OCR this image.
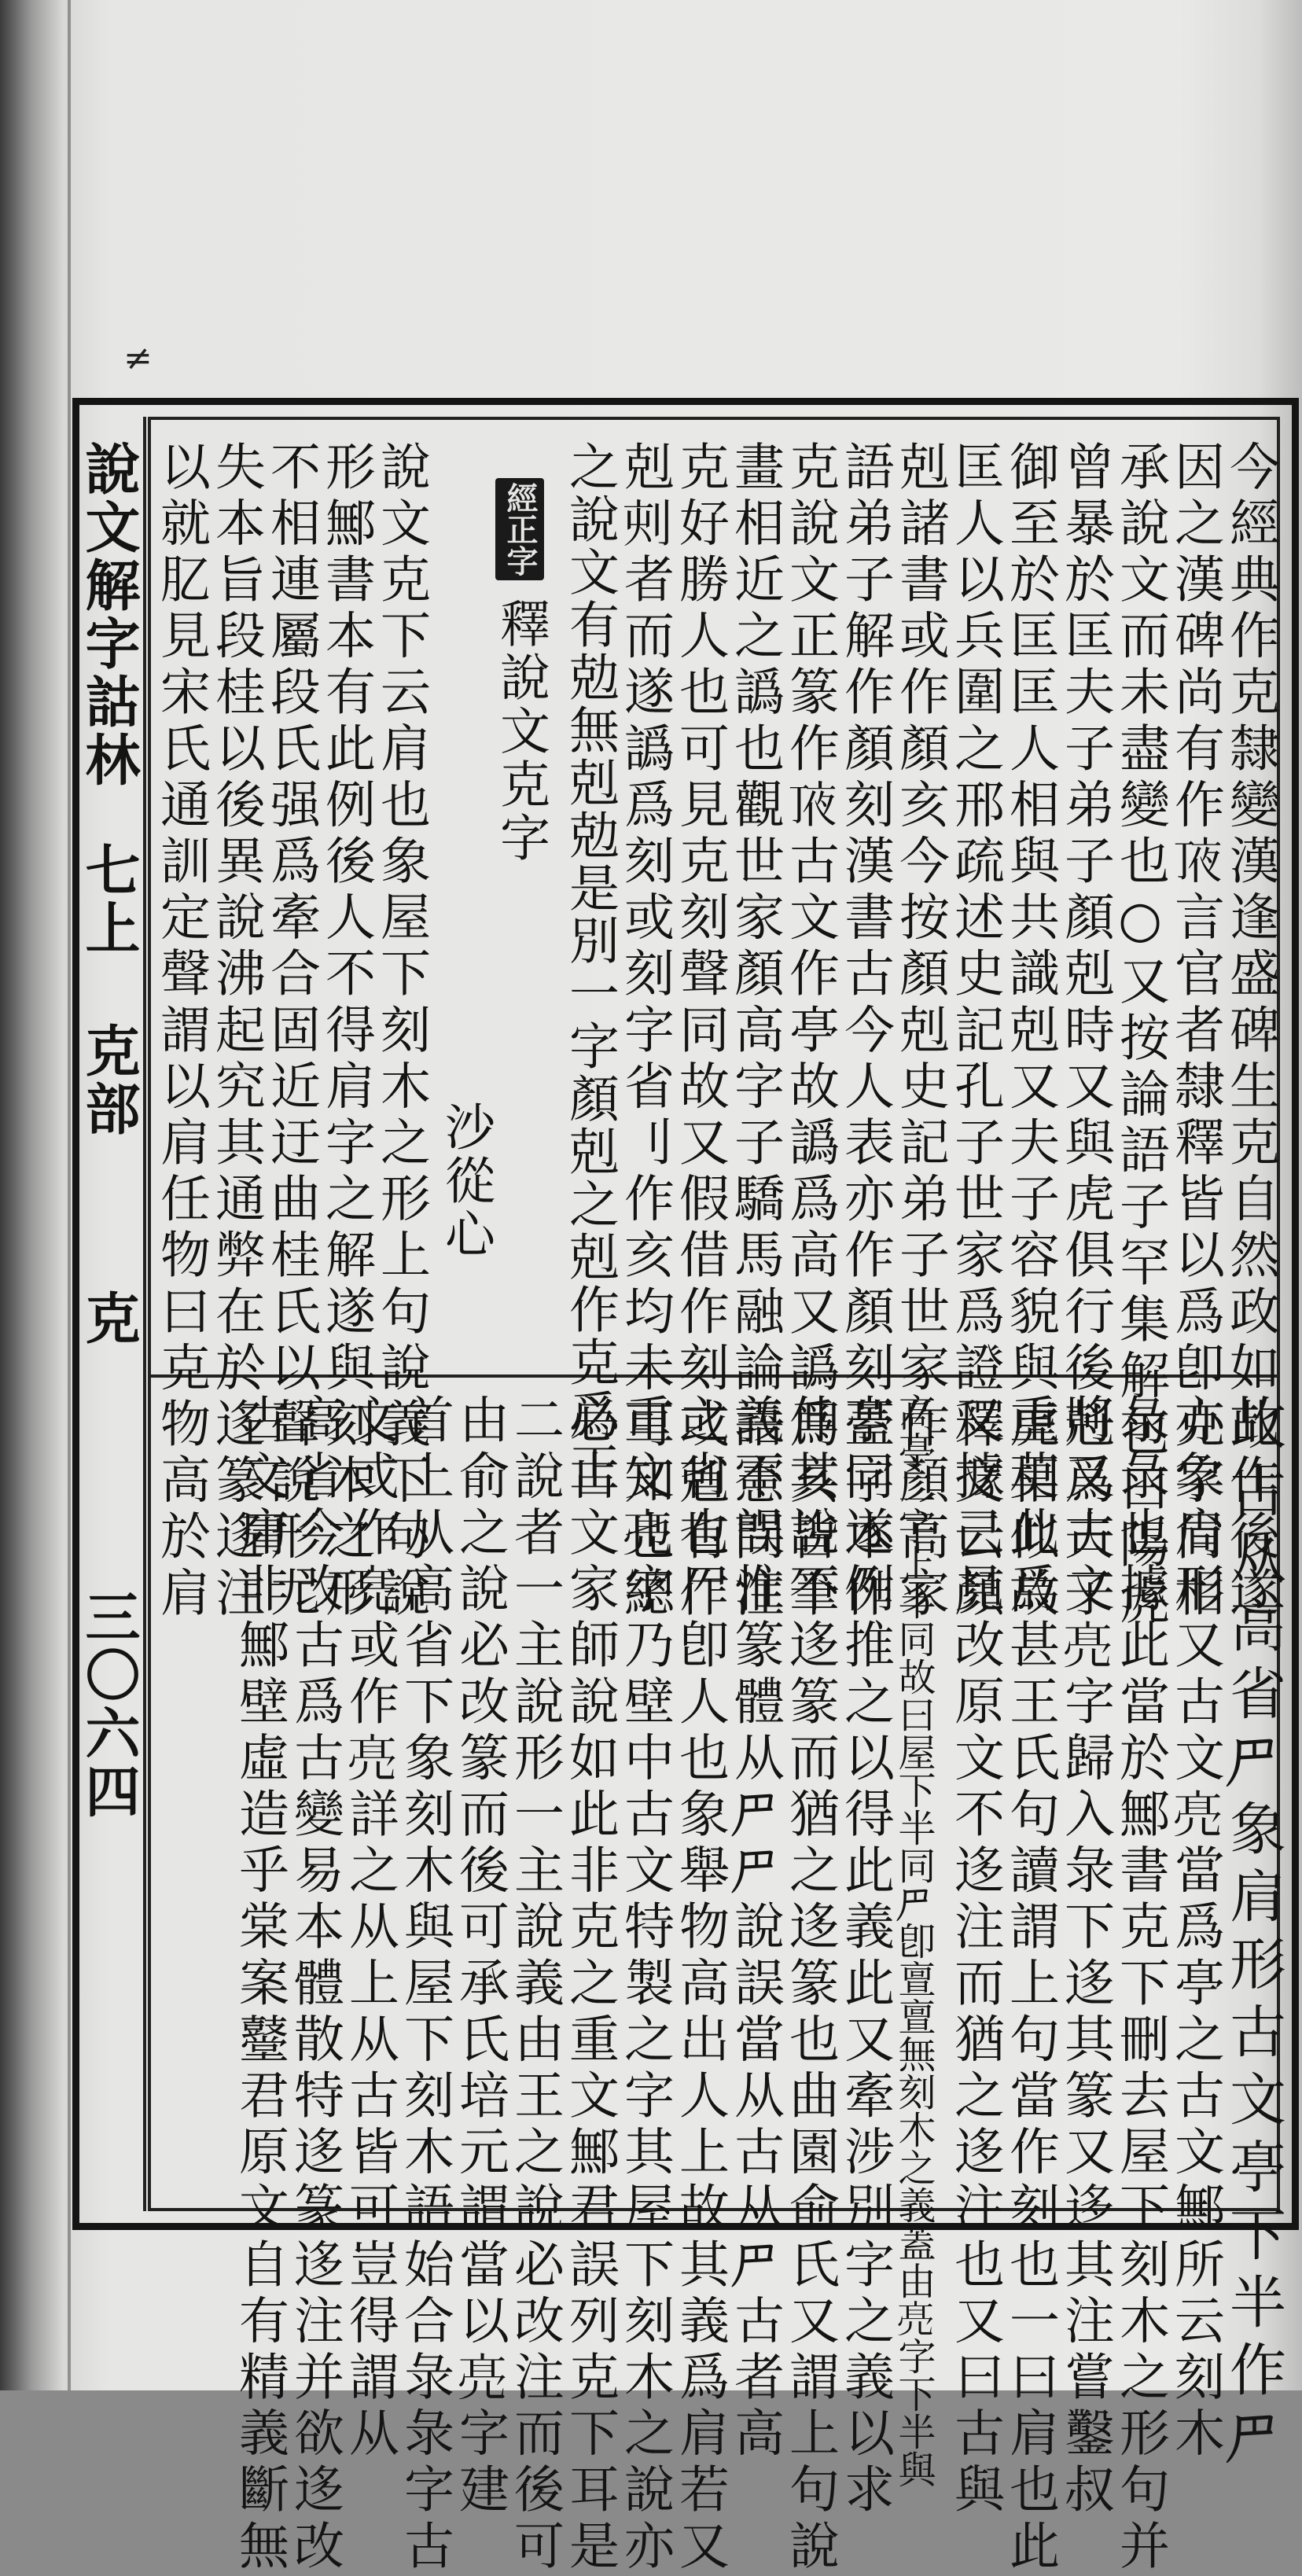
≠
說文解字詁林
七上
克部
克
三〇六四
今經典作克隸變漢逢盛碑生克自然政如此作後遂
因之漢碑尚有作𠅗言官者隸釋皆以爲卽克字尙相
承說文而未盡變也○又按論語子罕集解包曰陽虎
曾暴於匡夫子弟子顏剋時又與虎俱行後剋爲夫子
御至於匡匡人相與共識剋又夫子容貌與虎相似故
匡人以兵圍之邢疏述史記孔子世家爲證釋文云顏
剋諸書或作顏亥今按顏剋史記弟子世家作顏高家
語弟子解作顏刻漢書古今人表亦作顏刻蓋字本作
克說文正篆作𠅗古文作𠅘故譌爲高又譌爲亥皆筆
畫相近之譌也觀世家顏高字子驕馬融論語憲問注
克好勝人也可見克刻聲同故又假借作刻或剋有作
剋𠜇者而遂譌爲刻或刻字省刂作亥均未可知也總
之說文有勊無剋勊是別一字顏剋之剋作克爲正
經正字
釋說文克字
沙從心
說文克下云肩也象屋下刻木之形上句說義下句說
形鄦書本有此例後人不得肩字之解遂與刻木之形
不相連屬段氏强爲牽合固近迂曲桂氏以聲說形尤
失本旨段桂以後異說沸起究其通弊在於迻篆迻注
以就肊見宋氏通訓定聲謂以肩任物曰克物高於肩
故古从高省𠃜象肩形古文𠅘下半作𠃜
亦象肩形又古文𠅙當爲𠅘之古文鄦所云刻木
彔彔也據此當於鄦書克下刪去屋下刻木之形句并
將又古文𠅙字歸入彔下迻其篆又迻其注嘗鑿叔
重莫此爲甚王氏句讀謂上句當作刻也一曰肩也此
又據己見改原文不迻注而猶之迻注也又曰古與
高𠅘二字上半同故曰屋下半同𠃜卽亶亶無刻木之義蓋由𠅙字下半與
𠅘同遂例推之以得此義此又牽涉別字之義以求
伸其說不迻篆而猶之迻篆也曲園俞氏又謂上句說
義不誤惟篆體从𠃜𠃜說誤當从古从𠃜古者高
之省也尸卽人也象舉物高出人上故其義爲肩若又
重文𠅙字乃壁中古文特製之字其屋下刻木之說亦
必古文家師說如此非克之重文鄦君誤列克下耳是
二說者一主說形一主說義由王之說必改注而後可
由俞之說必改篆而後可承氏培元謂當以𠅙字建
首上从高省下象刻木與屋下刻木語始合彔彔字古
文或作𠅙或作𠅙詳之从上从古皆可豈得謂从
高省今改古爲古變易本體散特迻篆迻注并欲迻改
古文庸非鄦壁虛造乎棠案鼞君原文自有精義斷無
